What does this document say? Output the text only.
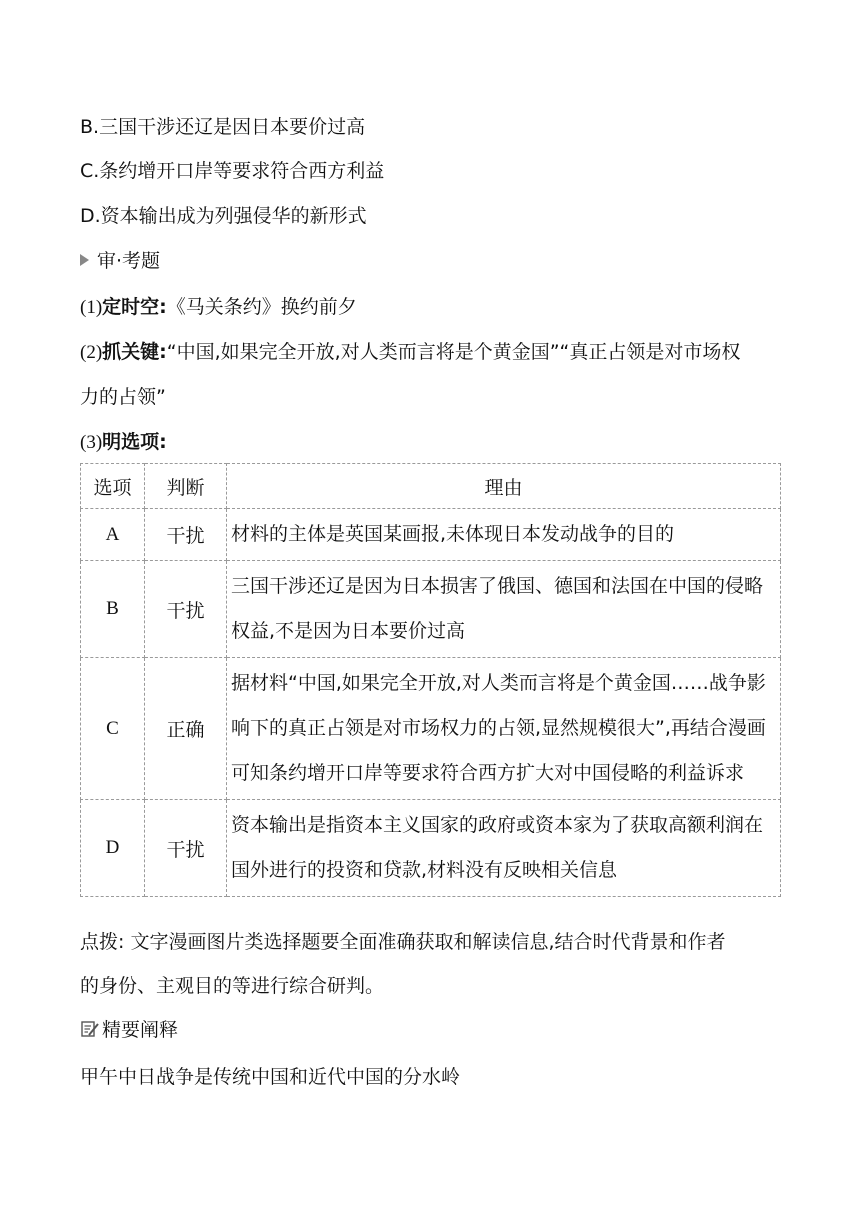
B.三国干涉还辽是因日本要价过高
C.条约增开口岸等要求符合西方利益
D.资本输出成为列强侵华的新形式
审·考题
(1)定时空:《马关条约》换约前夕
(2)抓关键:“中国,如果完全开放,对人类而言将是个黄金国”“真正占领是对市场权
力的占领”
(3)明选项:
选项	判断	理由
A	干扰	材料的主体是英国某画报,未体现日本发动战争的目的
B	干扰	三国干涉还辽是因为日本损害了俄国、德国和法国在中国的侵略权益,不是因为日本要价过高
C	正确	据材料“中国,如果完全开放,对人类而言将是个黄金国……战争影响下的真正占领是对市场权力的占领,显然规模很大”,再结合漫画可知条约增开口岸等要求符合西方扩大对中国侵略的利益诉求
D	干扰	资本输出是指资本主义国家的政府或资本家为了获取高额利润在国外进行的投资和贷款,材料没有反映相关信息
点拨: 文字漫画图片类选择题要全面准确获取和解读信息,结合时代背景和作者
的身份、主观目的等进行综合研判。
精要阐释
甲午中日战争是传统中国和近代中国的分水岭
